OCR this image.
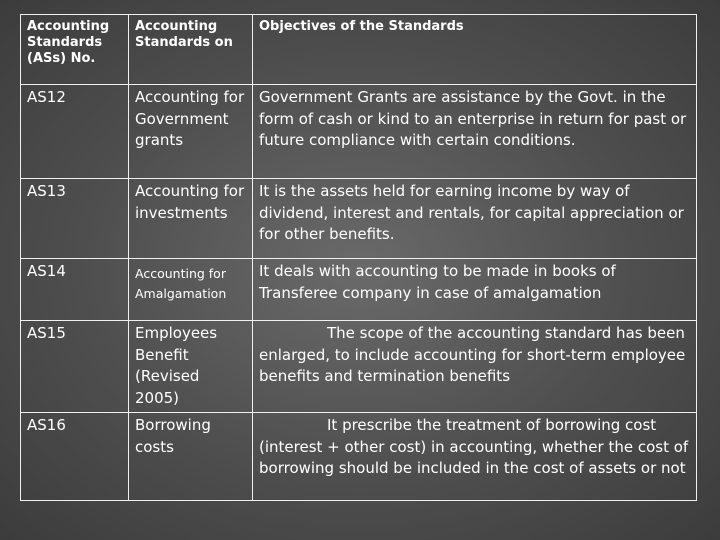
Accounting Standards (ASs) No.	Accounting Standards on	Objectives of the Standards
AS12	Accounting for Government grants	Government Grants are assistance by the Govt. in the form of cash or kind to an enterprise in return for past or future compliance with certain conditions.
AS13	Accounting for investments	It is the assets held for earning income by way of dividend, interest and rentals, for capital appreciation or for other benefits.
AS14	Accounting for Amalgamation	It deals with accounting to be made in books of Transferee company in case of amalgamation
AS15	Employees Benefit (Revised 2005)	The scope of the accounting standard has been enlarged, to include accounting for short-term employee benefits and termination benefits
AS16	Borrowing costs	It prescribe the treatment of borrowing cost (interest + other cost) in accounting, whether the cost of borrowing should be included in the cost of assets or not
